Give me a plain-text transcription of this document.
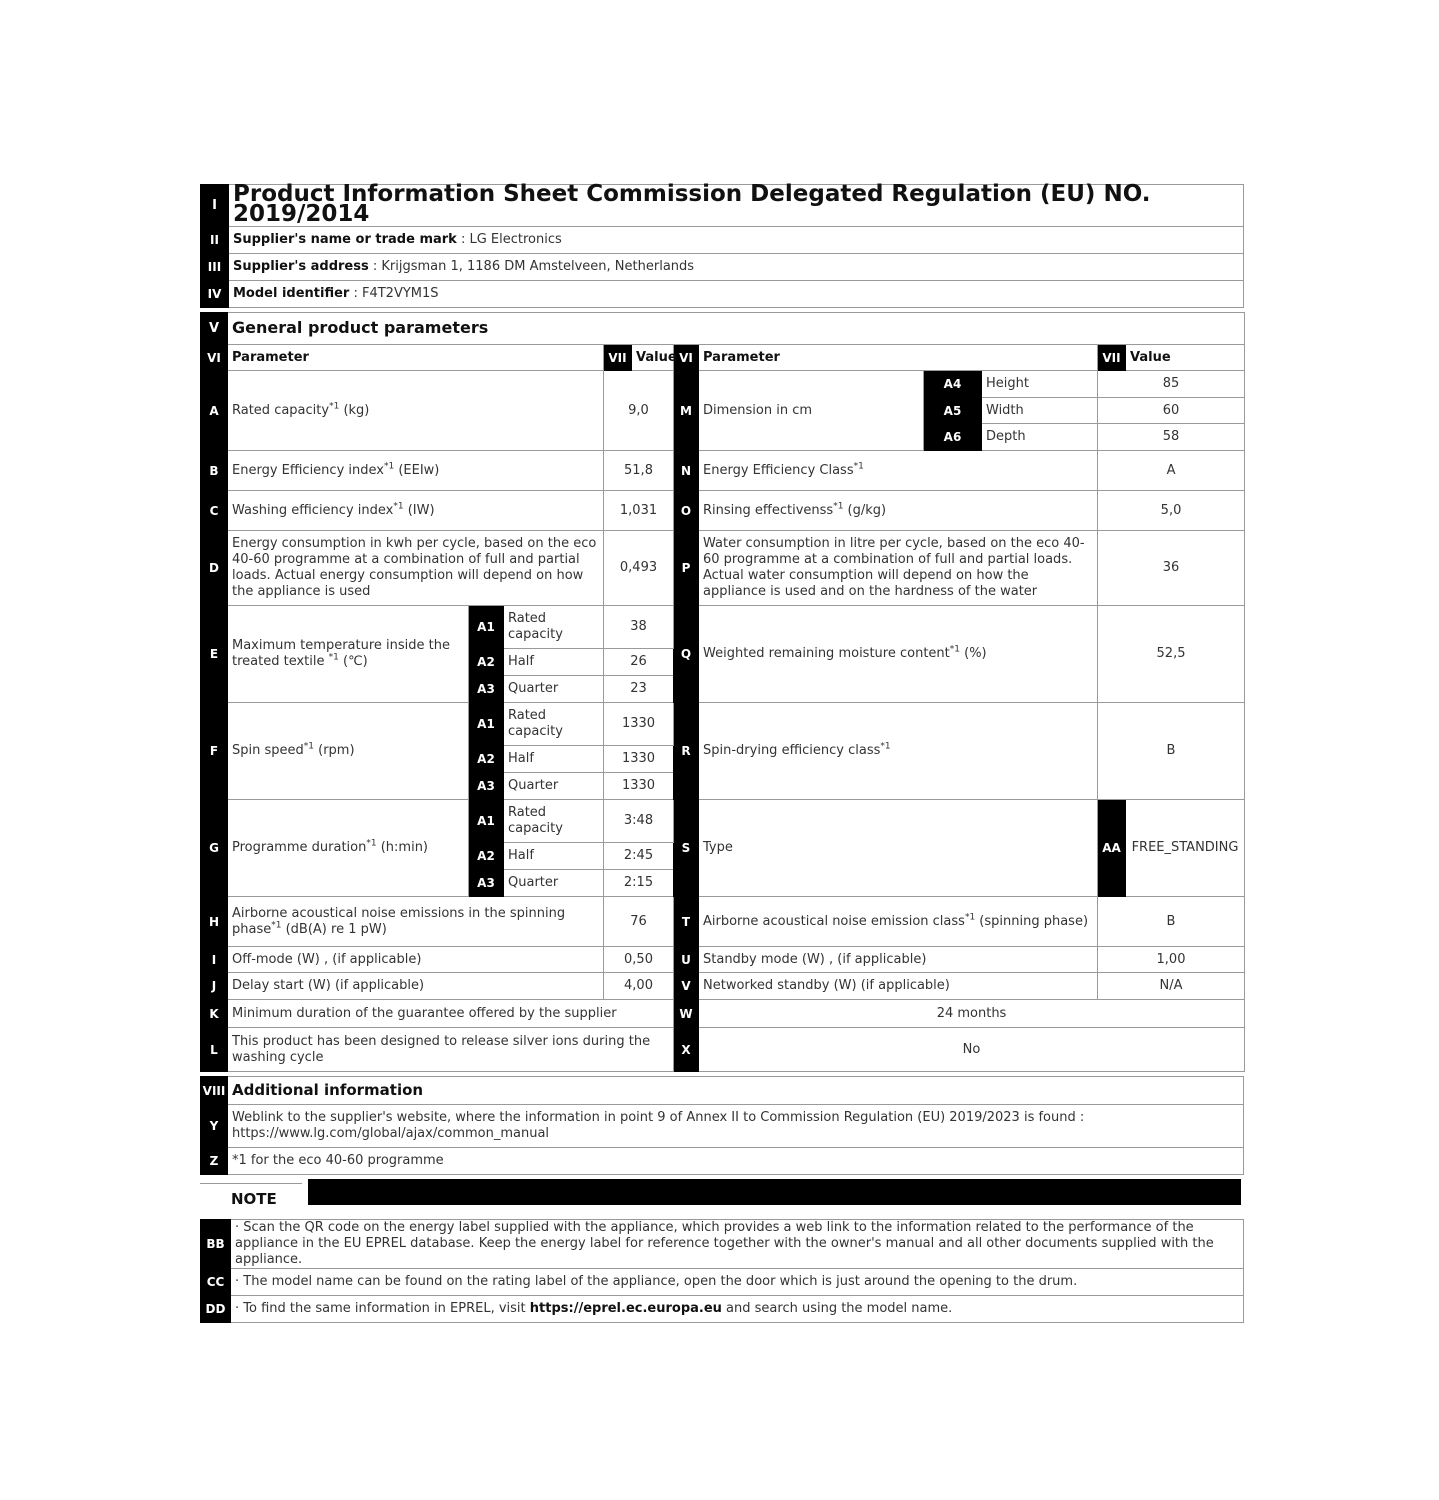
I	Product Information Sheet Commission Delegated Regulation (EU) NO. 2019/2014
II	Supplier's name or trade mark : LG Electronics
III	Supplier's address : Krijgsman 1, 1186 DM Amstelveen, Netherlands
IV	Model identifier : F4T2VYM1S
V	General product parameters										
VI	Parameter			VII	Value	VI	Parameter			VII	Value
A	Rated capacity$^{*1}$ (kg)			9,0		M	Dimension in cm	A4	Height	85	
								A5	Width	60	
								A6	Depth	58	
B	Energy Efficiency index$^{*1}$ (EEIw)			51,8		N	Energy Efficiency Class$^{*1}$			A	
C	Washing efficiency index$^{*1}$ (IW)			1,031		O	Rinsing effectivenss$^{*1}$ (g/kg)			5,0	
D	Energy consumption in kwh per cycle, based on the eco 40-60 programme at a combination of full and partial loads. Actual energy consumption will depend on how the appliance is used			0,493		P	Water consumption in litre per cycle, based on the eco 40-60 programme at a combination of full and partial loads. Actual water consumption will depend on how the appliance is used and on the hardness of the water			36	
E	Maximum temperature inside the treated textile $^{*1}$ (℃)	A1	Rated capacity	38		Q	Weighted remaining moisture content$^{*1}$ (%)			52,5	
		A2	Half	26							
		A3	Quarter	23							
F	Spin speed$^{*1}$ (rpm)	A1	Rated capacity	1330		R	Spin-drying efficiency class$^{*1}$			B	
		A2	Half	1330							
		A3	Quarter	1330							
G	Programme duration$^{*1}$ (h:min)	A1	Rated capacity	3:48		S	Type			AA	FREE_STANDING
		A2	Half	2:45							
		A3	Quarter	2:15							
H	Airborne acoustical noise emissions in the spinning phase$^{*1}$ (dB(A) re 1 pW)			76		T	Airborne acoustical noise emission class$^{*1}$ (spinning phase)			B	
I	Off-mode (W) , (if applicable)			0,50		U	Standby mode (W) , (if applicable)			1,00	
J	Delay start (W) (if applicable)			4,00		V	Networked standby (W) (if applicable)			N/A	
K	Minimum duration of the guarantee offered by the supplier					W	24 months				
L	This product has been designed to release silver ions during the washing cycle					X	No				
VIII	Additional information
Y	Weblink to the supplier's website, where the information in point 9 of Annex II to Commission Regulation (EU) 2019/2023 is found : https://www.lg.com/global/ajax/common_manual
Z	*1 for the eco 40-60 programme
NOTE
BB	· Scan the QR code on the energy label supplied with the appliance, which provides a web link to the information related to the performance of the appliance in the EU EPREL database. Keep the energy label for reference together with the owner's manual and all other documents supplied with the appliance.
CC	· The model name can be found on the rating label of the appliance, open the door which is just around the opening to the drum.
DD	· To find the same information in EPREL, visit https://eprel.ec.europa.eu and search using the model name.
